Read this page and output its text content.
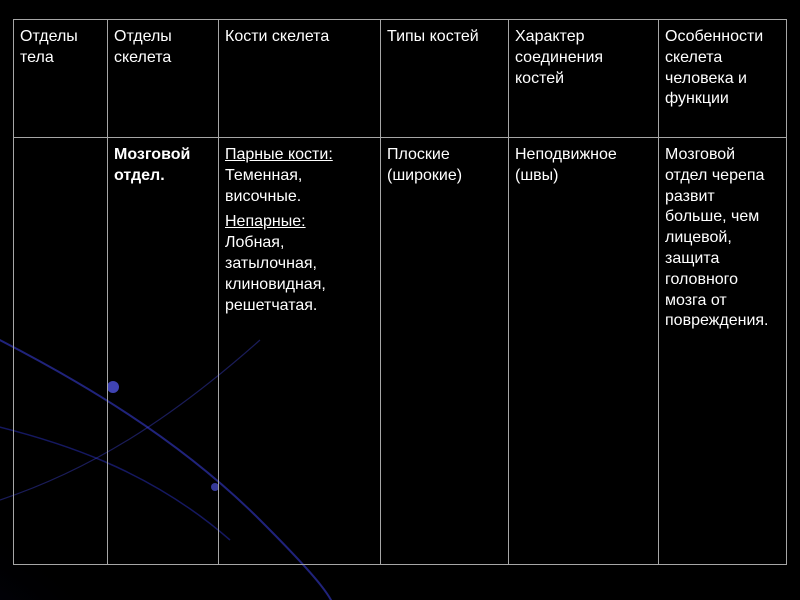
Отделы тела	Отделы скелета	Кости скелета	Типы костей	Характер соединения костей	Особенности скелета человека и функции
	Мозговой отдел.	Парные кости:
Теменная, височные.
Непарные:
Лобная, затылочная, клиновидная, решетчатая.	Плоские (широкие)	Неподвижное (швы)	Мозговой отдел черепа развит больше, чем лицевой, защита головного мозга от повреждения.
